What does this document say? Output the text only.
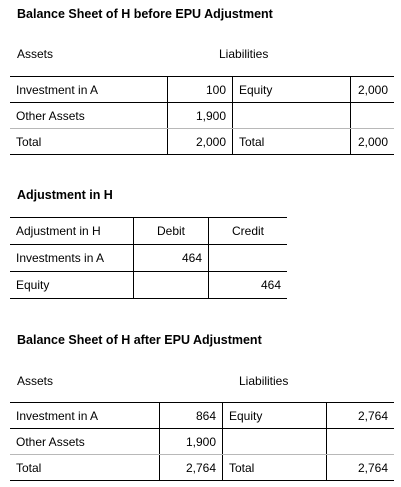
Balance Sheet of H before EPU Adjustment
Assets	Liabilities
Investment in A	100	Equity	2,000
Other Assets	1,900		
Total	2,000	Total	2,000
Adjustment in H
Adjustment in H	Debit	Credit
Investments in A	464	
Equity		464
Balance Sheet of H after EPU Adjustment
Assets	Liabilities
Investment in A	864	Equity	2,764
Other Assets	1,900		
Total	2,764	Total	2,764
